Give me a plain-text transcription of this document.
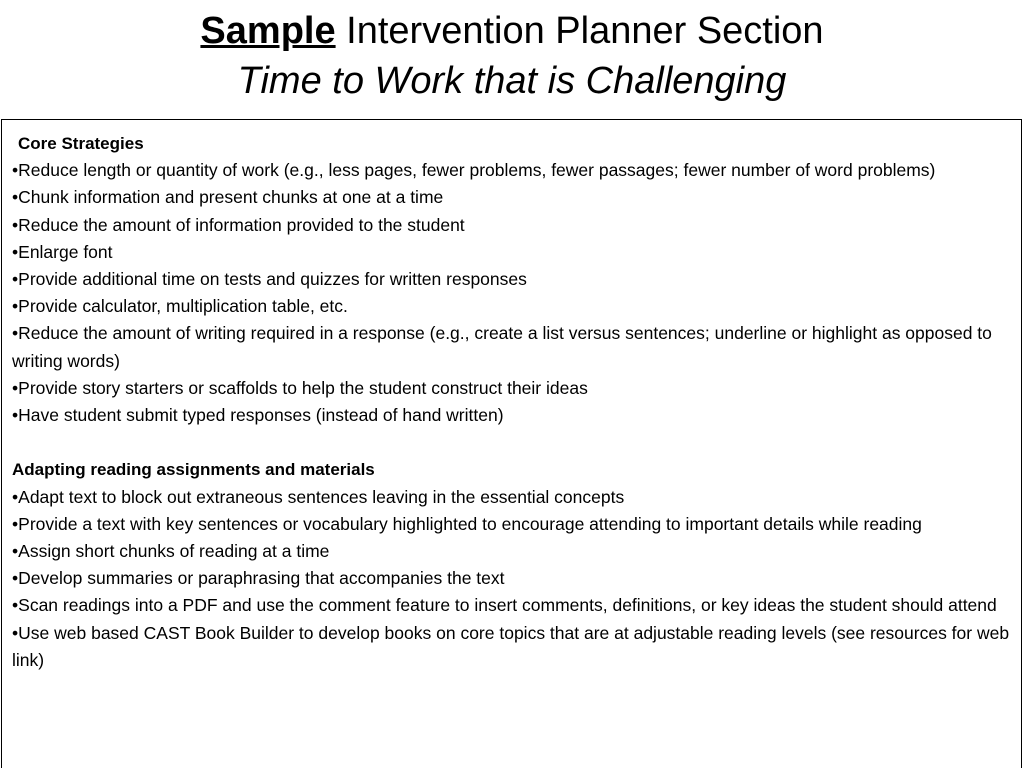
Sample Intervention Planner Section
Time to Work that is Challenging

Core Strategies

•Reduce length or quantity of work (e.g., less pages, fewer problems, fewer passages; fewer number of word problems)
•Chunk information and present chunks at one at a time
•Reduce the amount of information provided to the student
•Enlarge font
•Provide additional time on tests and quizzes for written responses
•Provide calculator, multiplication table, etc.
•Reduce the amount of writing required in a response (e.g., create a list versus sentences; underline or highlight as opposed to writing words)
•Provide story starters or scaffolds to help the student construct their ideas
•Have student submit typed responses (instead of hand written)

Adapting reading assignments and materials

•Adapt text to block out extraneous sentences leaving in the essential concepts
•Provide a text with key sentences or vocabulary highlighted to encourage attending to important details while reading
•Assign short chunks of reading at a time
•Develop summaries or paraphrasing that accompanies the text
•Scan readings into a PDF and use the comment feature to insert comments, definitions, or key ideas the student should attend
•Use web based CAST Book Builder to develop books on core topics that are at adjustable reading levels (see resources for web link)
